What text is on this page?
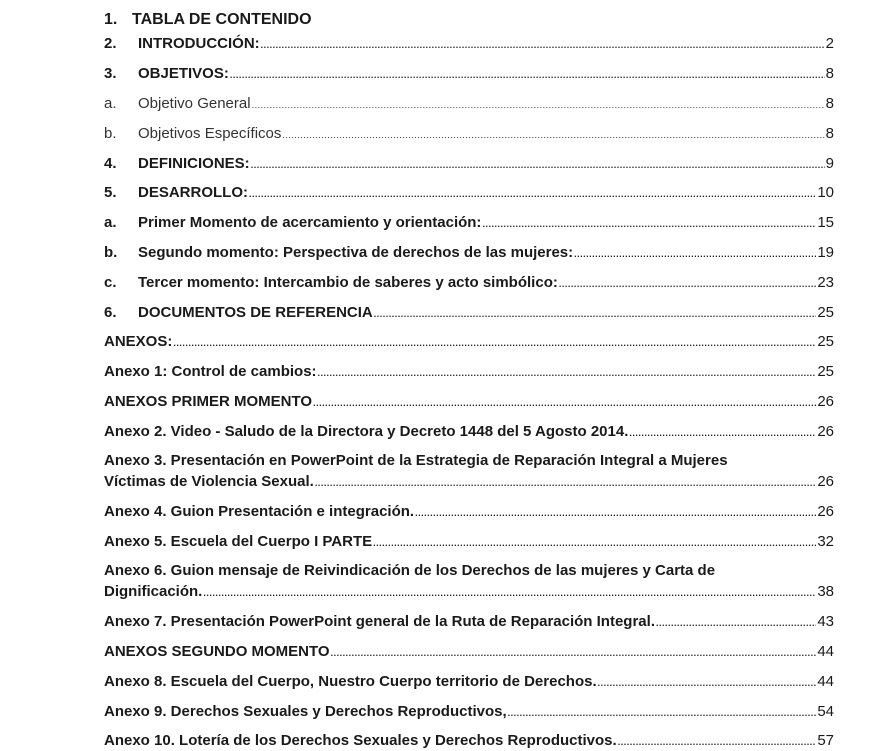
1. TABLA DE CONTENIDO
2.	INTRODUCCIÓN: .....	2
3.	OBJETIVOS: .....	8
a.	Objetivo General .....	8
b.	Objetivos Específicos .....	8
4.	DEFINICIONES: .....	9
5.	DESARROLLO: .....	10
a.	Primer Momento de acercamiento y orientación: .....	15
b.	Segundo momento: Perspectiva de derechos de las mujeres: .....	19
c.	Tercer momento: Intercambio de saberes y acto simbólico: .....	23
6.	DOCUMENTOS DE REFERENCIA .....	25
ANEXOS: .....	25
Anexo 1: Control de cambios: .....	25
ANEXOS PRIMER MOMENTO .....	26
Anexo 2. Video - Saludo de la Directora y Decreto 1448 del 5 Agosto 2014. .....	26
Anexo 3. Presentación en PowerPoint de la Estrategia de Reparación Integral a Mujeres
Víctimas de Violencia Sexual. .....	26
Anexo 4. Guion Presentación e integración. .....	26
Anexo 5. Escuela del Cuerpo I PARTE .....	32
Anexo 6. Guion mensaje de Reivindicación de los Derechos de las mujeres y Carta de
Dignificación. .....	38
Anexo 7. Presentación PowerPoint general de la Ruta de Reparación Integral. .....	43
ANEXOS SEGUNDO MOMENTO .....	44
Anexo 8. Escuela del Cuerpo, Nuestro Cuerpo territorio de Derechos. .....	44
Anexo 9. Derechos Sexuales y Derechos Reproductivos, .....	54
Anexo 10. Lotería de los Derechos Sexuales y Derechos Reproductivos. .....	57
